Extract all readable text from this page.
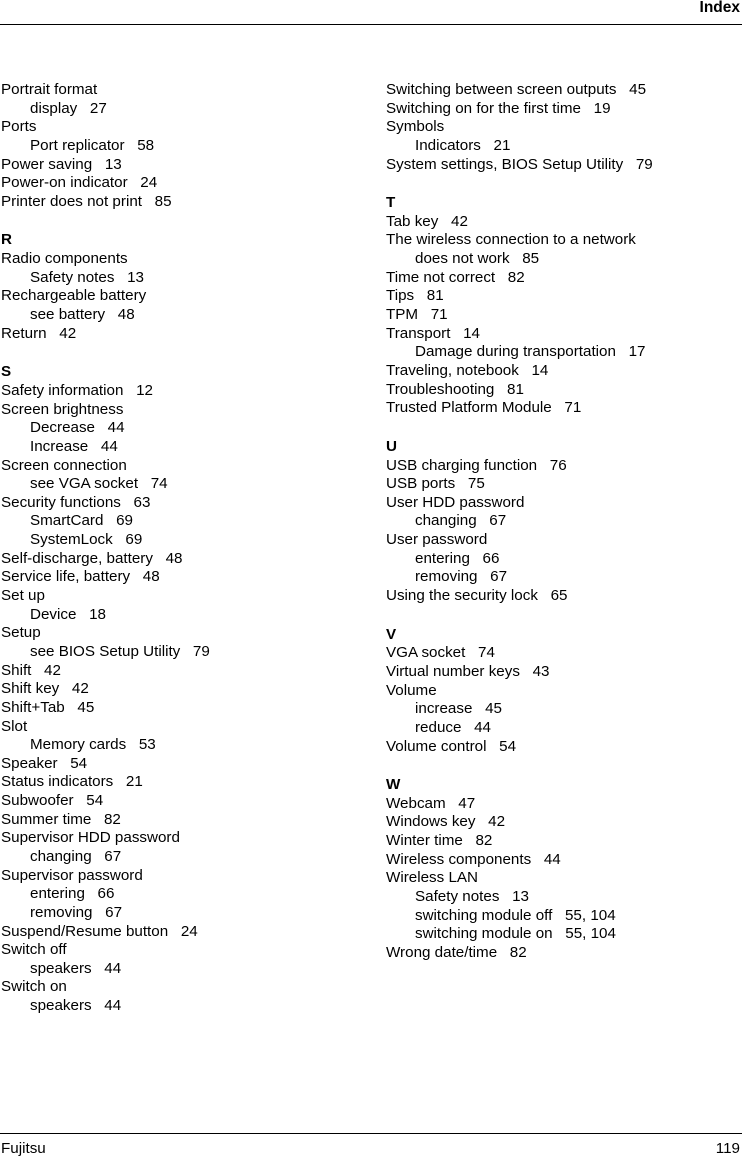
Index
Portrait format
display   27
Ports
Port replicator   58
Power saving   13
Power-on indicator   24
Printer does not print   85
R
Radio components
Safety notes   13
Rechargeable battery
see battery   48
Return   42
S
Safety information   12
Screen brightness
Decrease   44
Increase   44
Screen connection
see VGA socket   74
Security functions   63
SmartCard   69
SystemLock   69
Self-discharge, battery   48
Service life, battery   48
Set up
Device   18
Setup
see BIOS Setup Utility   79
Shift   42
Shift key   42
Shift+Tab   45
Slot
Memory cards   53
Speaker   54
Status indicators   21
Subwoofer   54
Summer time   82
Supervisor HDD password
changing   67
Supervisor password
entering   66
removing   67
Suspend/Resume button   24
Switch off
speakers   44
Switch on
speakers   44
Switching between screen outputs   45
Switching on for the first time   19
Symbols
Indicators   21
System settings, BIOS Setup Utility   79
T
Tab key   42
The wireless connection to a network
does not work   85
Time not correct   82
Tips   81
TPM   71
Transport   14
Damage during transportation   17
Traveling, notebook   14
Troubleshooting   81
Trusted Platform Module   71
U
USB charging function   76
USB ports   75
User HDD password
changing   67
User password
entering   66
removing   67
Using the security lock   65
V
VGA socket   74
Virtual number keys   43
Volume
increase   45
reduce   44
Volume control   54
W
Webcam   47
Windows key   42
Winter time   82
Wireless components   44
Wireless LAN
Safety notes   13
switching module off   55, 104
switching module on   55, 104
Wrong date/time   82
Fujitsu	119
